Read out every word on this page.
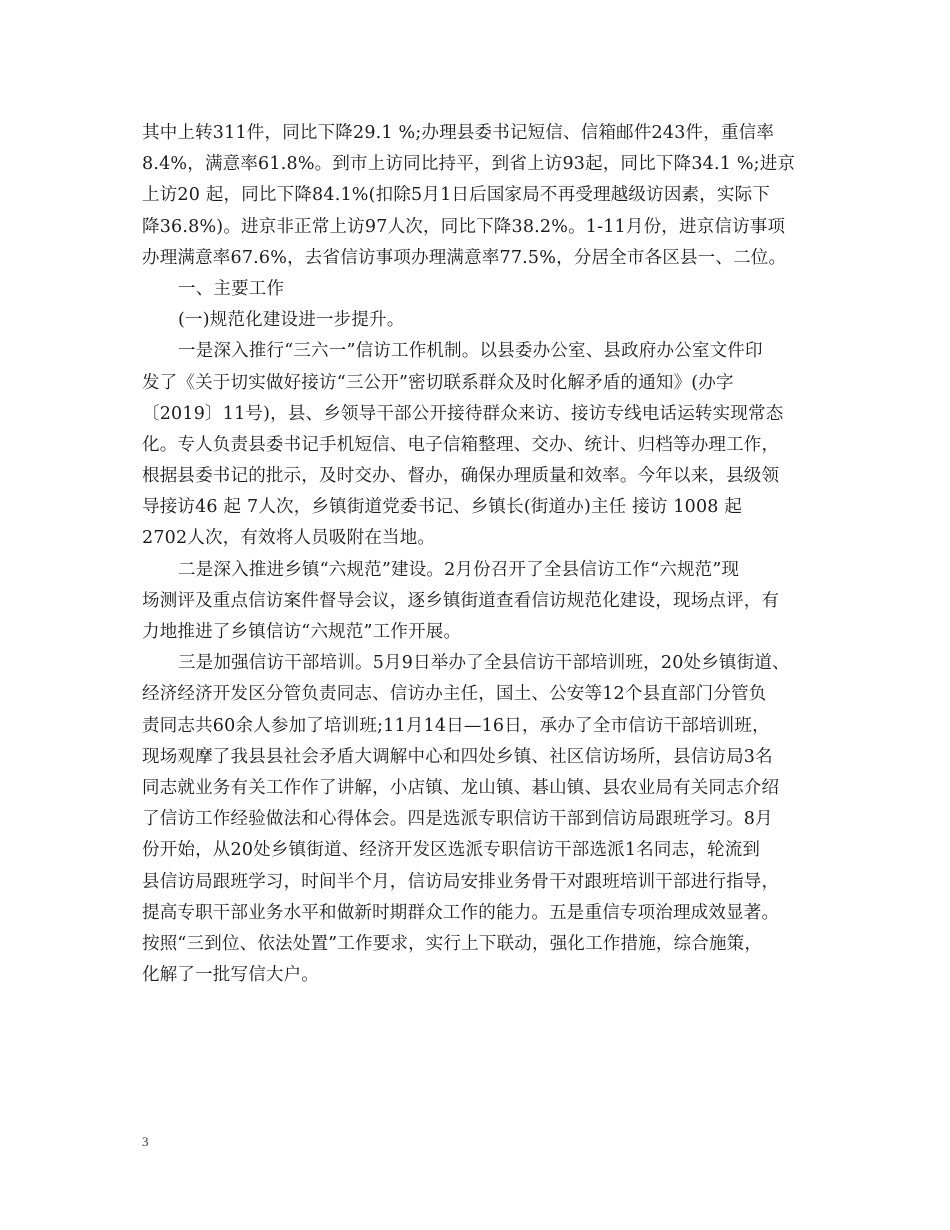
其中上转311件，同比下降29.1 %;办理县委书记短信、信箱邮件243件，重信率
8.4%，满意率61.8%。到市上访同比持平，到省上访93起，同比下降34.1 %;进京
上访20 起，同比下降84.1%(扣除5月1日后国家局不再受理越级访因素，实际下
降36.8%)。进京非正常上访97人次，同比下降38.2%。1-11月份，进京信访事项
办理满意率67.6%，去省信访事项办理满意率77.5%，分居全市各区县一、二位。
一、主要工作
(一)规范化建设进一步提升。
一是深入推行“三六一”信访工作机制。以县委办公室、县政府办公室文件印
发了《关于切实做好接访“三公开”密切联系群众及时化解矛盾的通知》(办字
〔2019〕11号)，县、乡领导干部公开接待群众来访、接访专线电话运转实现常态
化。专人负责县委书记手机短信、电子信箱整理、交办、统计、归档等办理工作，
根据县委书记的批示，及时交办、督办，确保办理质量和效率。今年以来，县级领
导接访46 起 7人次，乡镇街道党委书记、乡镇长(街道办)主任 接访 1008 起
2702人次，有效将人员吸附在当地。
二是深入推进乡镇“六规范”建设。2月份召开了全县信访工作“六规范”现
场测评及重点信访案件督导会议，逐乡镇街道查看信访规范化建设，现场点评，有
力地推进了乡镇信访“六规范”工作开展。
三是加强信访干部培训。5月9日举办了全县信访干部培训班，20处乡镇街道、
经济经济开发区分管负责同志、信访办主任，国土、公安等12个县直部门分管负
责同志共60余人参加了培训班;11月14日—16日，承办了全市信访干部培训班，
现场观摩了我县县社会矛盾大调解中心和四处乡镇、社区信访场所，县信访局3名
同志就业务有关工作作了讲解，小店镇、龙山镇、碁山镇、县农业局有关同志介绍
了信访工作经验做法和心得体会。四是选派专职信访干部到信访局跟班学习。8月
份开始，从20处乡镇街道、经济开发区选派专职信访干部选派1名同志，轮流到
县信访局跟班学习，时间半个月，信访局安排业务骨干对跟班培训干部进行指导，
提高专职干部业务水平和做新时期群众工作的能力。五是重信专项治理成效显著。
按照“三到位、依法处置”工作要求，实行上下联动，强化工作措施，综合施策，
化解了一批写信大户。
3
